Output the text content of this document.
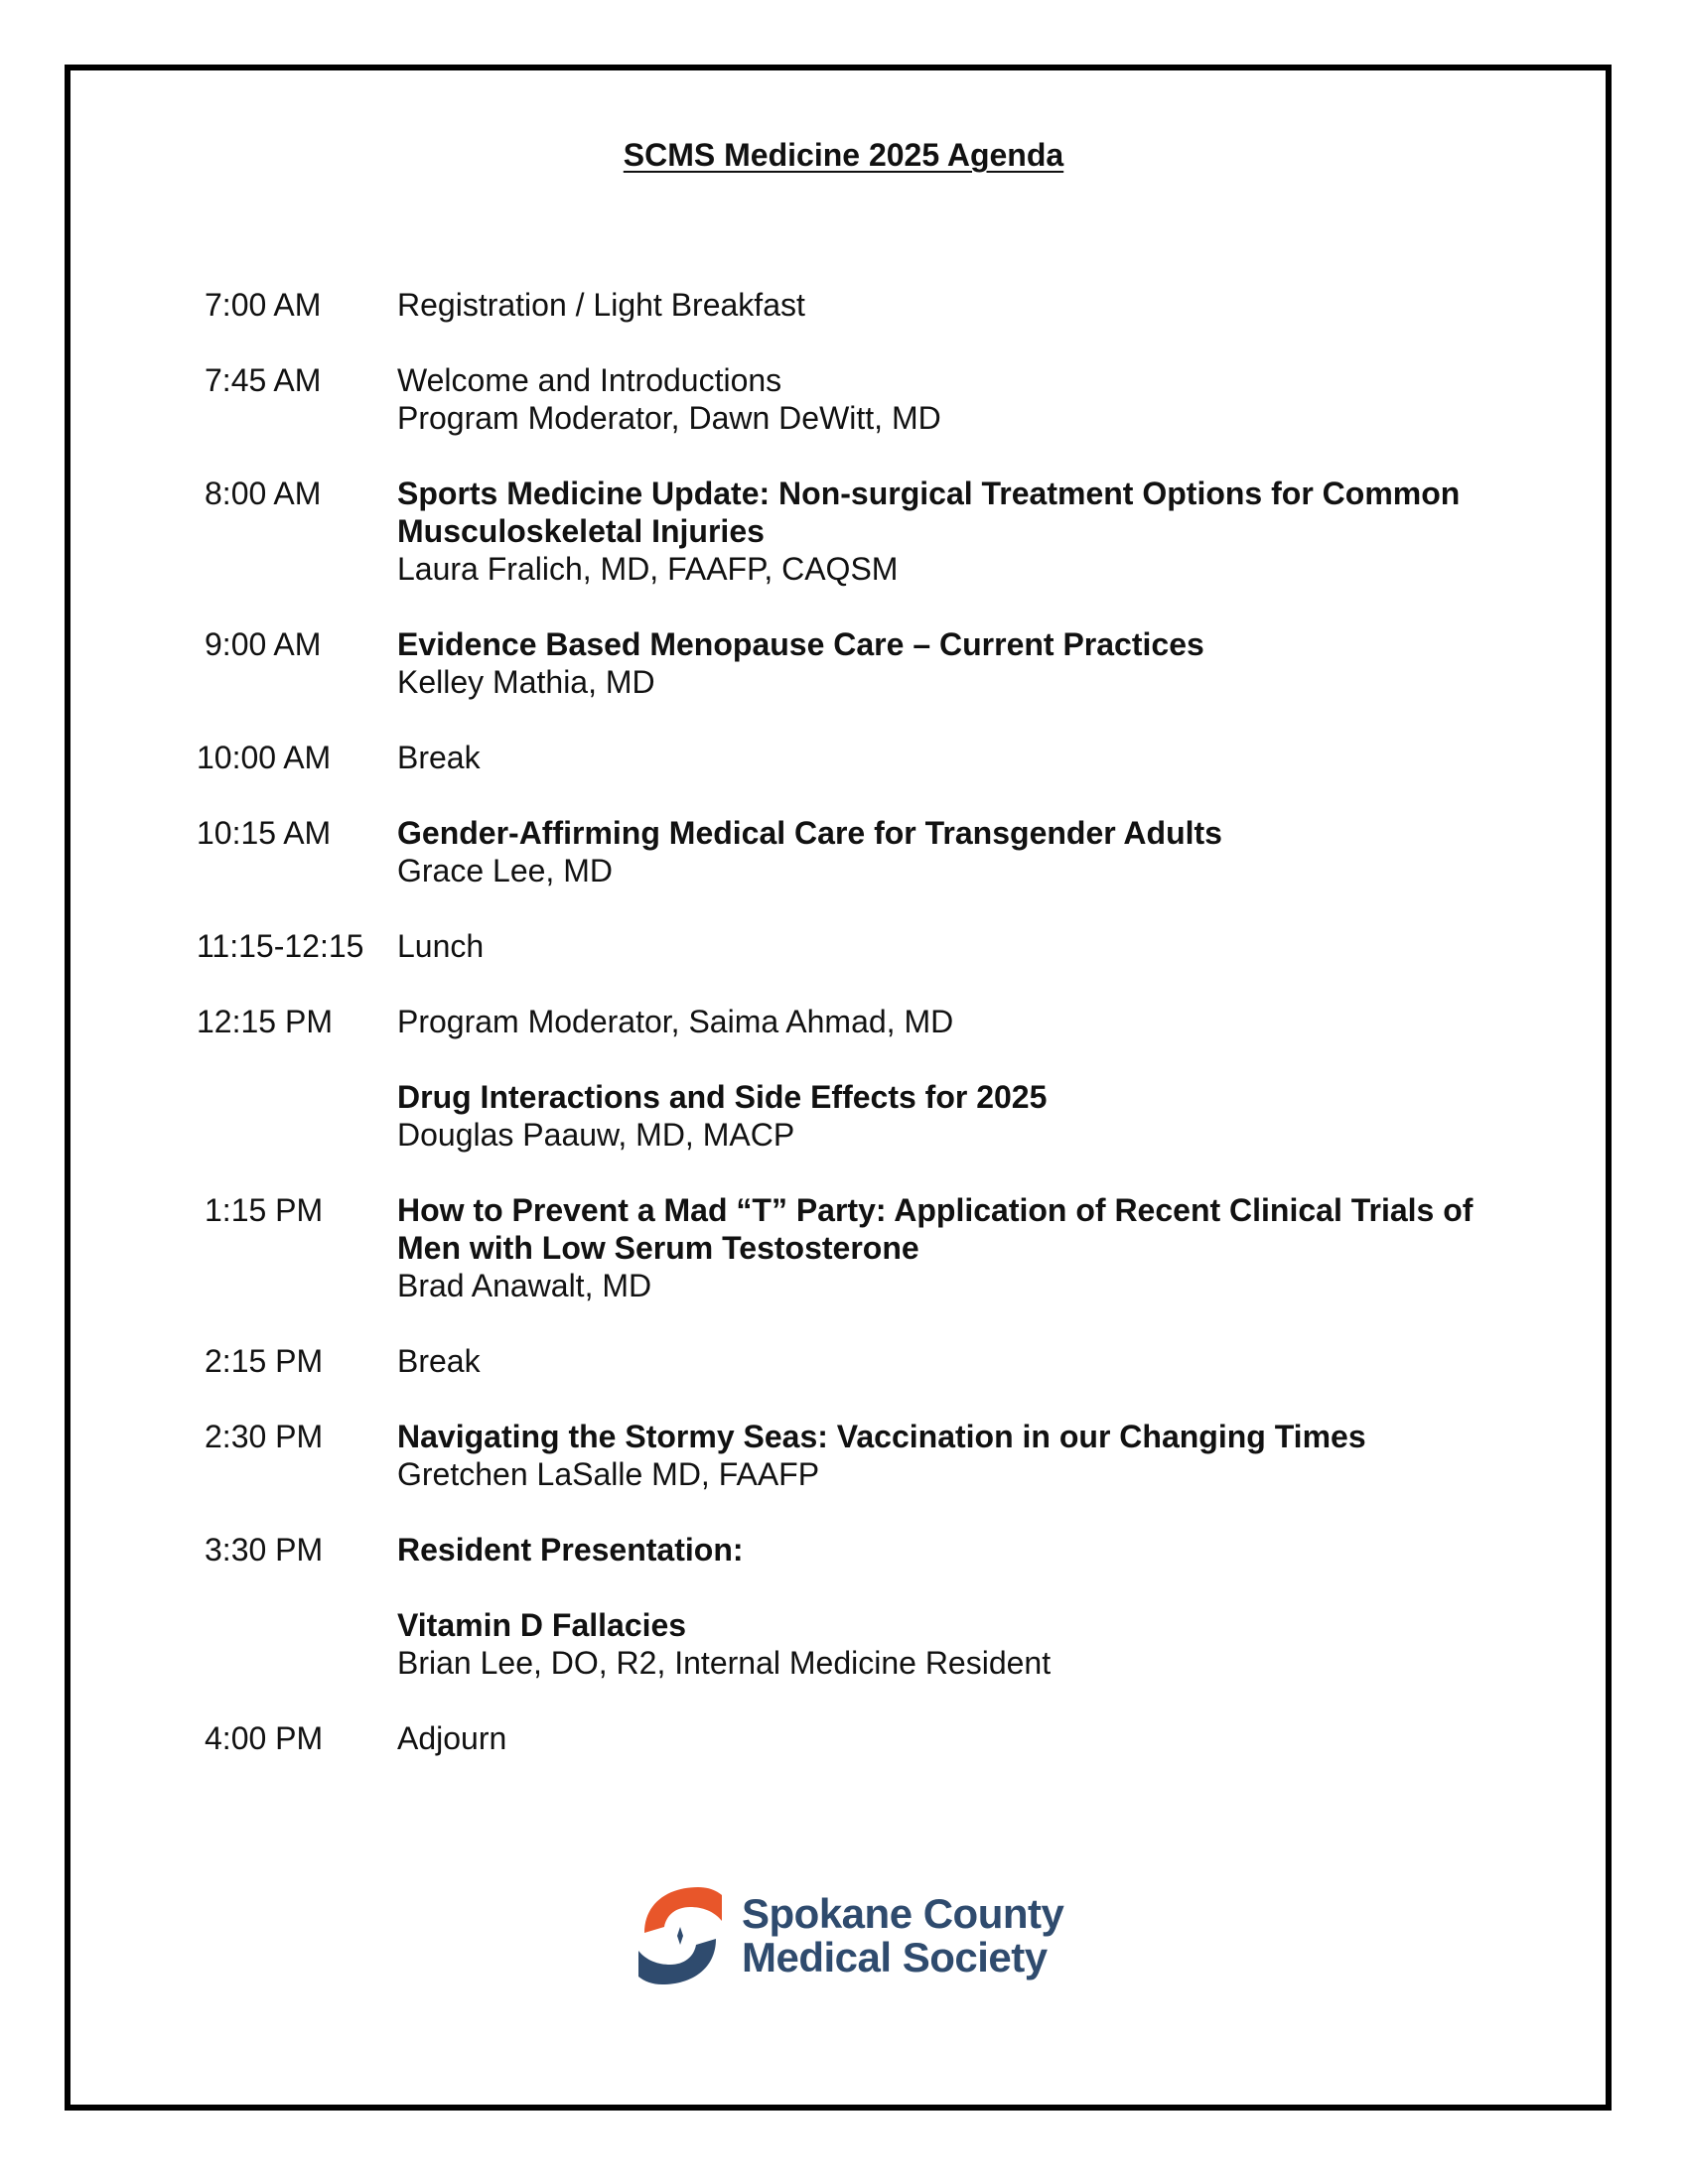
SCMS Medicine 2025 Agenda
7:00 AM	Registration / Light Breakfast
7:45 AM	Welcome and Introductions
Program Moderator, Dawn DeWitt, MD
8:00 AM	Sports Medicine Update: Non-surgical Treatment Options for Common Musculoskeletal Injuries
Laura Fralich, MD, FAAFP, CAQSM
9:00 AM	Evidence Based Menopause Care – Current Practices
Kelley Mathia, MD
10:00 AM	Break
10:15 AM	Gender-Affirming Medical Care for Transgender Adults
Grace Lee, MD
11:15-12:15	Lunch
12:15 PM	Program Moderator, Saima Ahmad, MD
Drug Interactions and Side Effects for 2025
Douglas Paauw, MD, MACP
1:15 PM	How to Prevent a Mad “T” Party: Application of Recent Clinical Trials of Men with Low Serum Testosterone
Brad Anawalt, MD
2:15 PM	Break
2:30 PM	Navigating the Stormy Seas: Vaccination in our Changing Times
Gretchen LaSalle MD, FAAFP
3:30 PM	Resident Presentation:
Vitamin D Fallacies
Brian Lee, DO, R2, Internal Medicine Resident
4:00 PM	Adjourn
Spokane County
Medical Society
